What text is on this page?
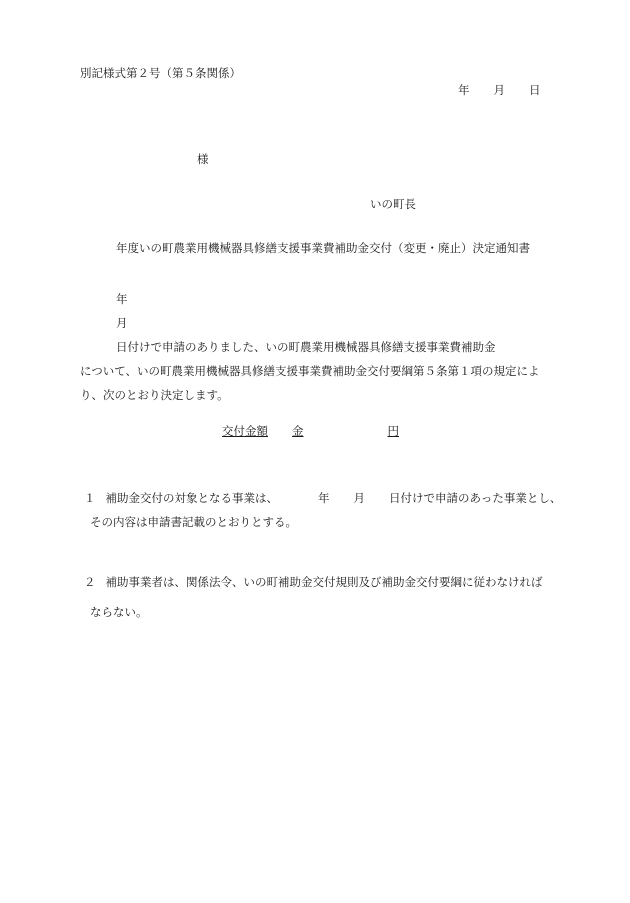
別記様式第２号（第５条関係）
年 月 日
様
いの町長
年度いの町農業用機械器具修繕支援事業費補助金交付（変更・廃止）決定通知書
年
月
日付けで申請のありました、いの町農業用機械器具修繕支援事業費補助金
について、いの町農業用機械器具修繕支援事業費補助金交付要綱第５条第１項の規定によ
り、次のとおり決定します。
交付金額 金	円
１ 補助金交付の対象となる事業は、	年 月 日付けで申請のあった事業とし、
その内容は申請書記載のとおりとする。
２ 補助事業者は、関係法令、いの町補助金交付規則及び補助金交付要綱に従わなければ
ならない。
